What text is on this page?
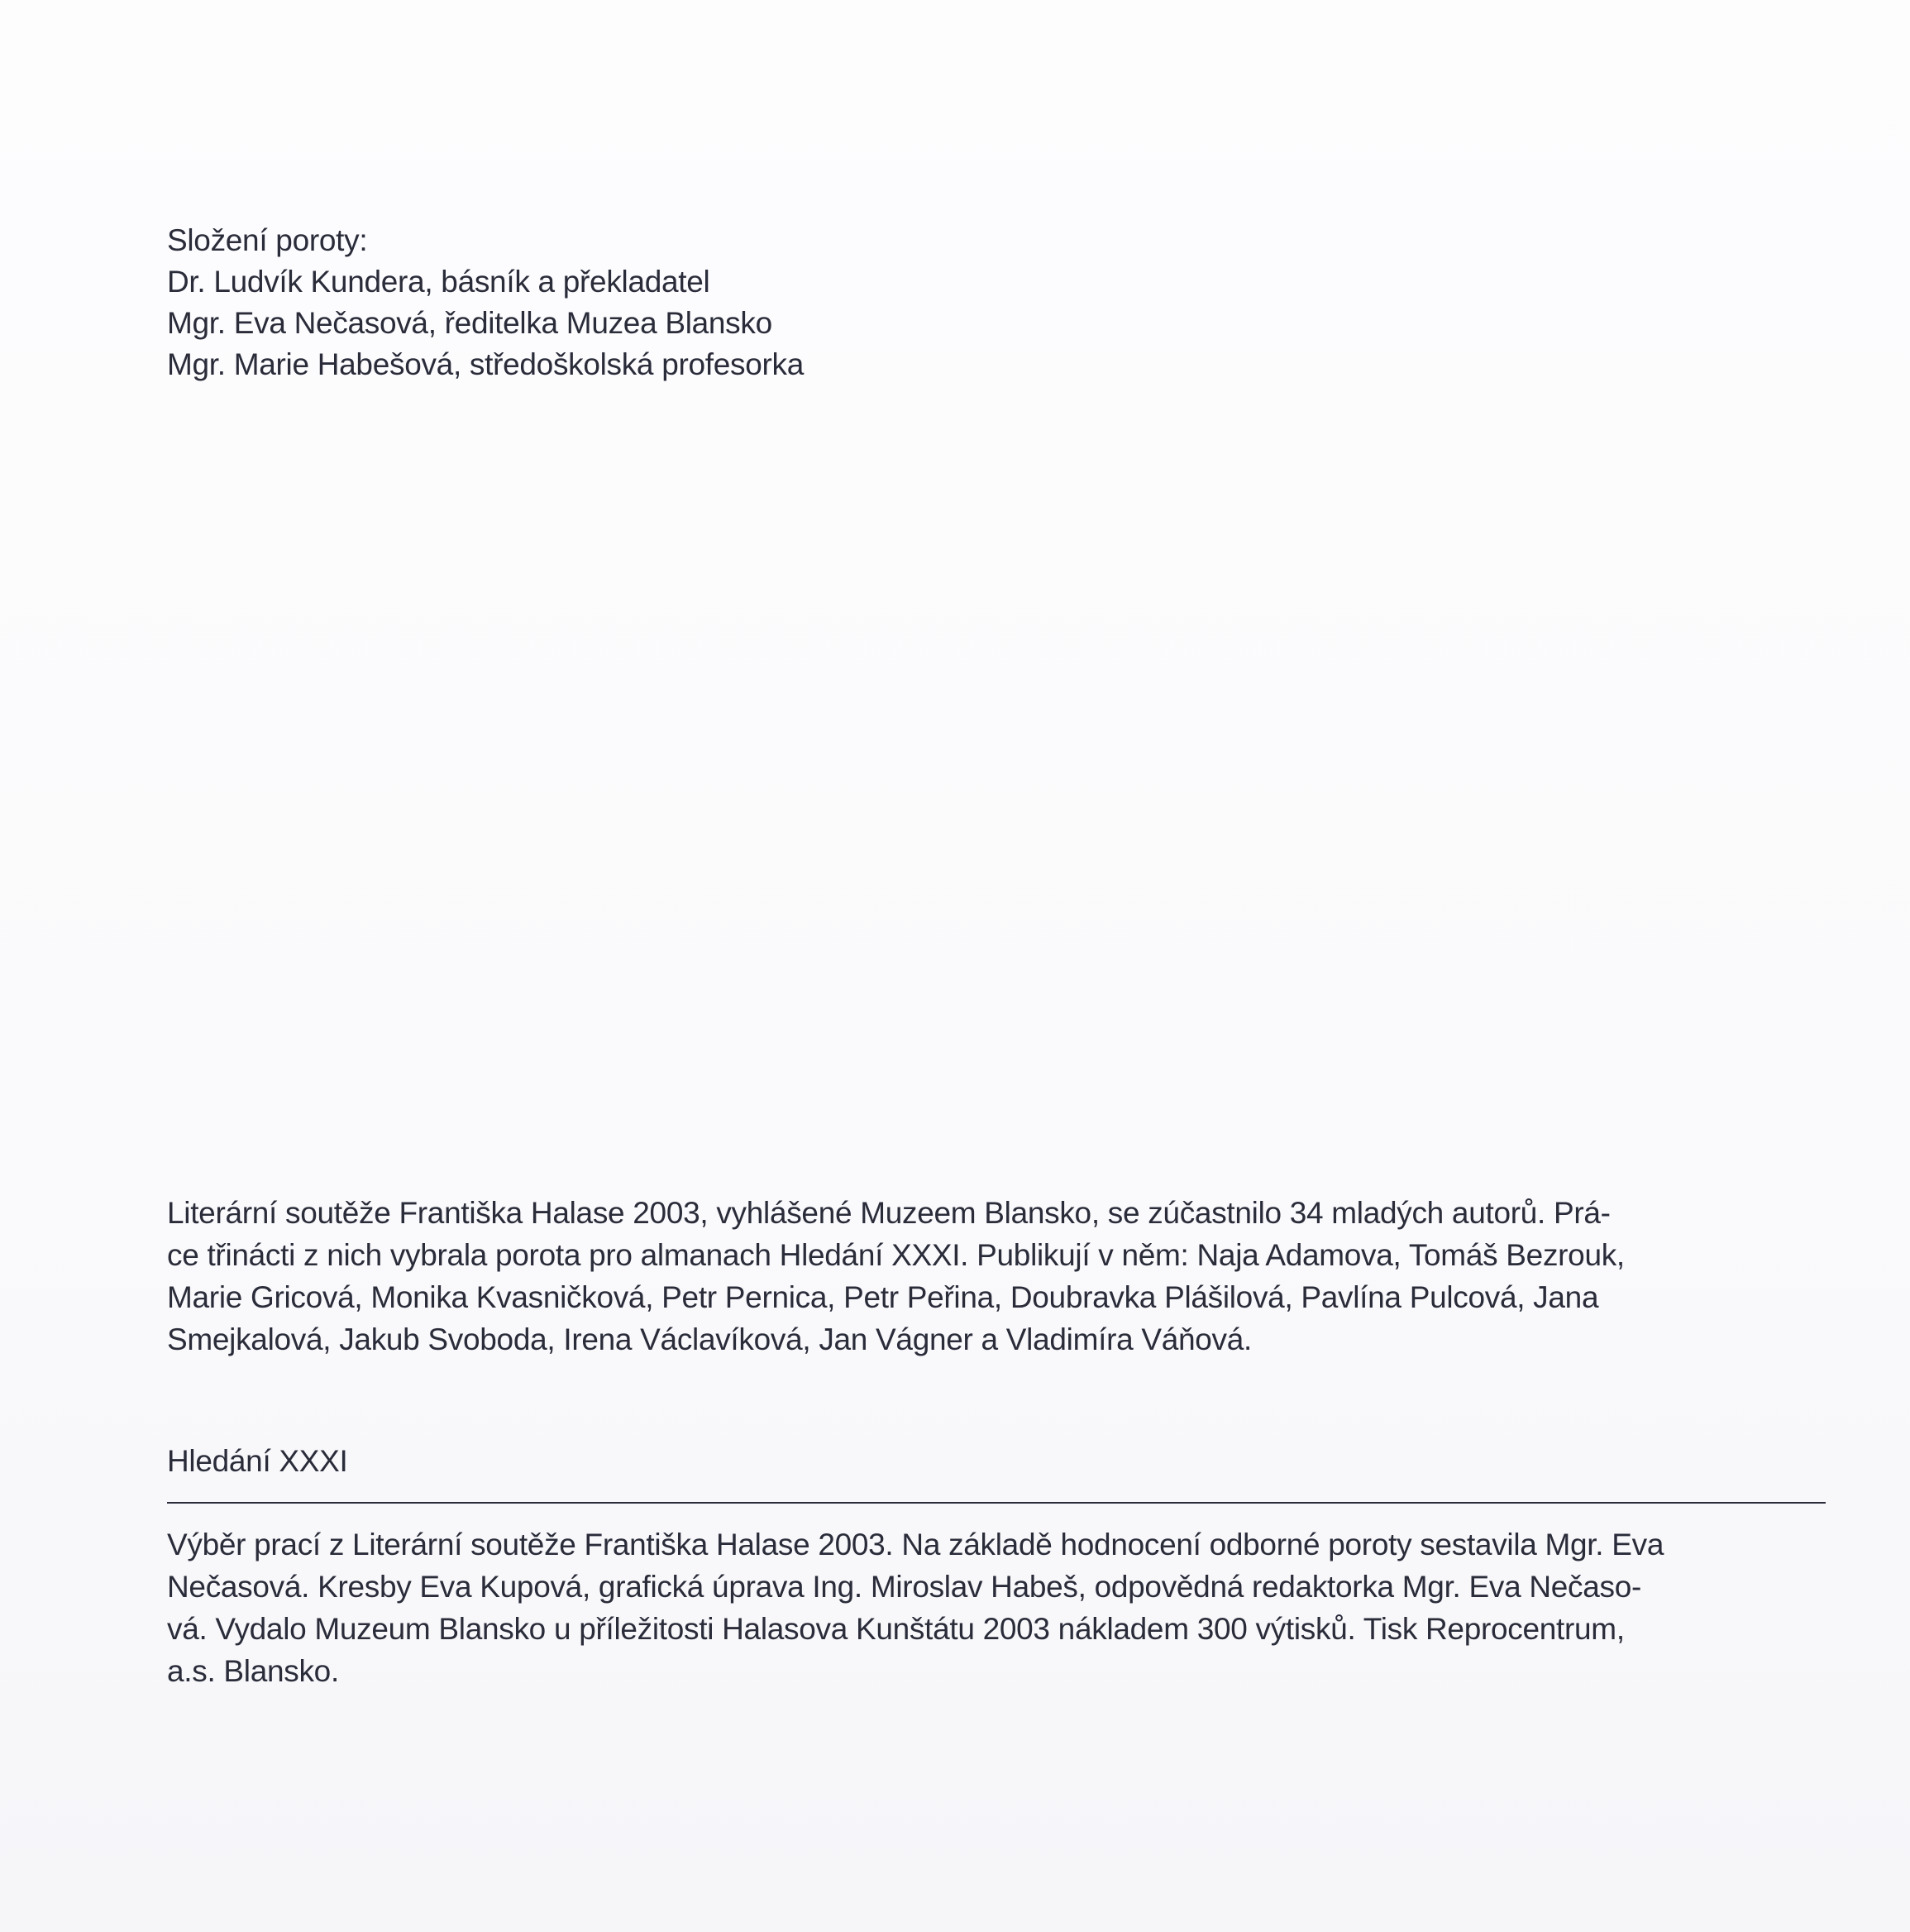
Složení poroty:
Dr. Ludvík Kundera, básník a překladatel
Mgr. Eva Nečasová, ředitelka Muzea Blansko
Mgr. Marie Habešová, středoškolská profesorka
Literární soutěže Františka Halase 2003, vyhlášené Muzeem Blansko, se zúčastnilo 34 mladých autorů. Prá-
ce třinácti z nich vybrala porota pro almanach Hledání XXXI. Publikují v něm: Naja Adamova, Tomáš Bezrouk,
Marie Gricová, Monika Kvasničková, Petr Pernica, Petr Peřina, Doubravka Plášilová, Pavlína Pulcová, Jana
Smejkalová, Jakub Svoboda, Irena Václavíková, Jan Vágner a Vladimíra Váňová.
Hledání XXXI
Výběr prací z Literární soutěže Františka Halase 2003. Na základě hodnocení odborné poroty sestavila Mgr. Eva
Nečasová. Kresby Eva Kupová, grafická úprava Ing. Miroslav Habeš, odpovědná redaktorka Mgr. Eva Nečaso-
vá. Vydalo Muzeum Blansko u příležitosti Halasova Kunštátu 2003 nákladem 300 výtisků. Tisk Reprocentrum,
a.s. Blansko.
